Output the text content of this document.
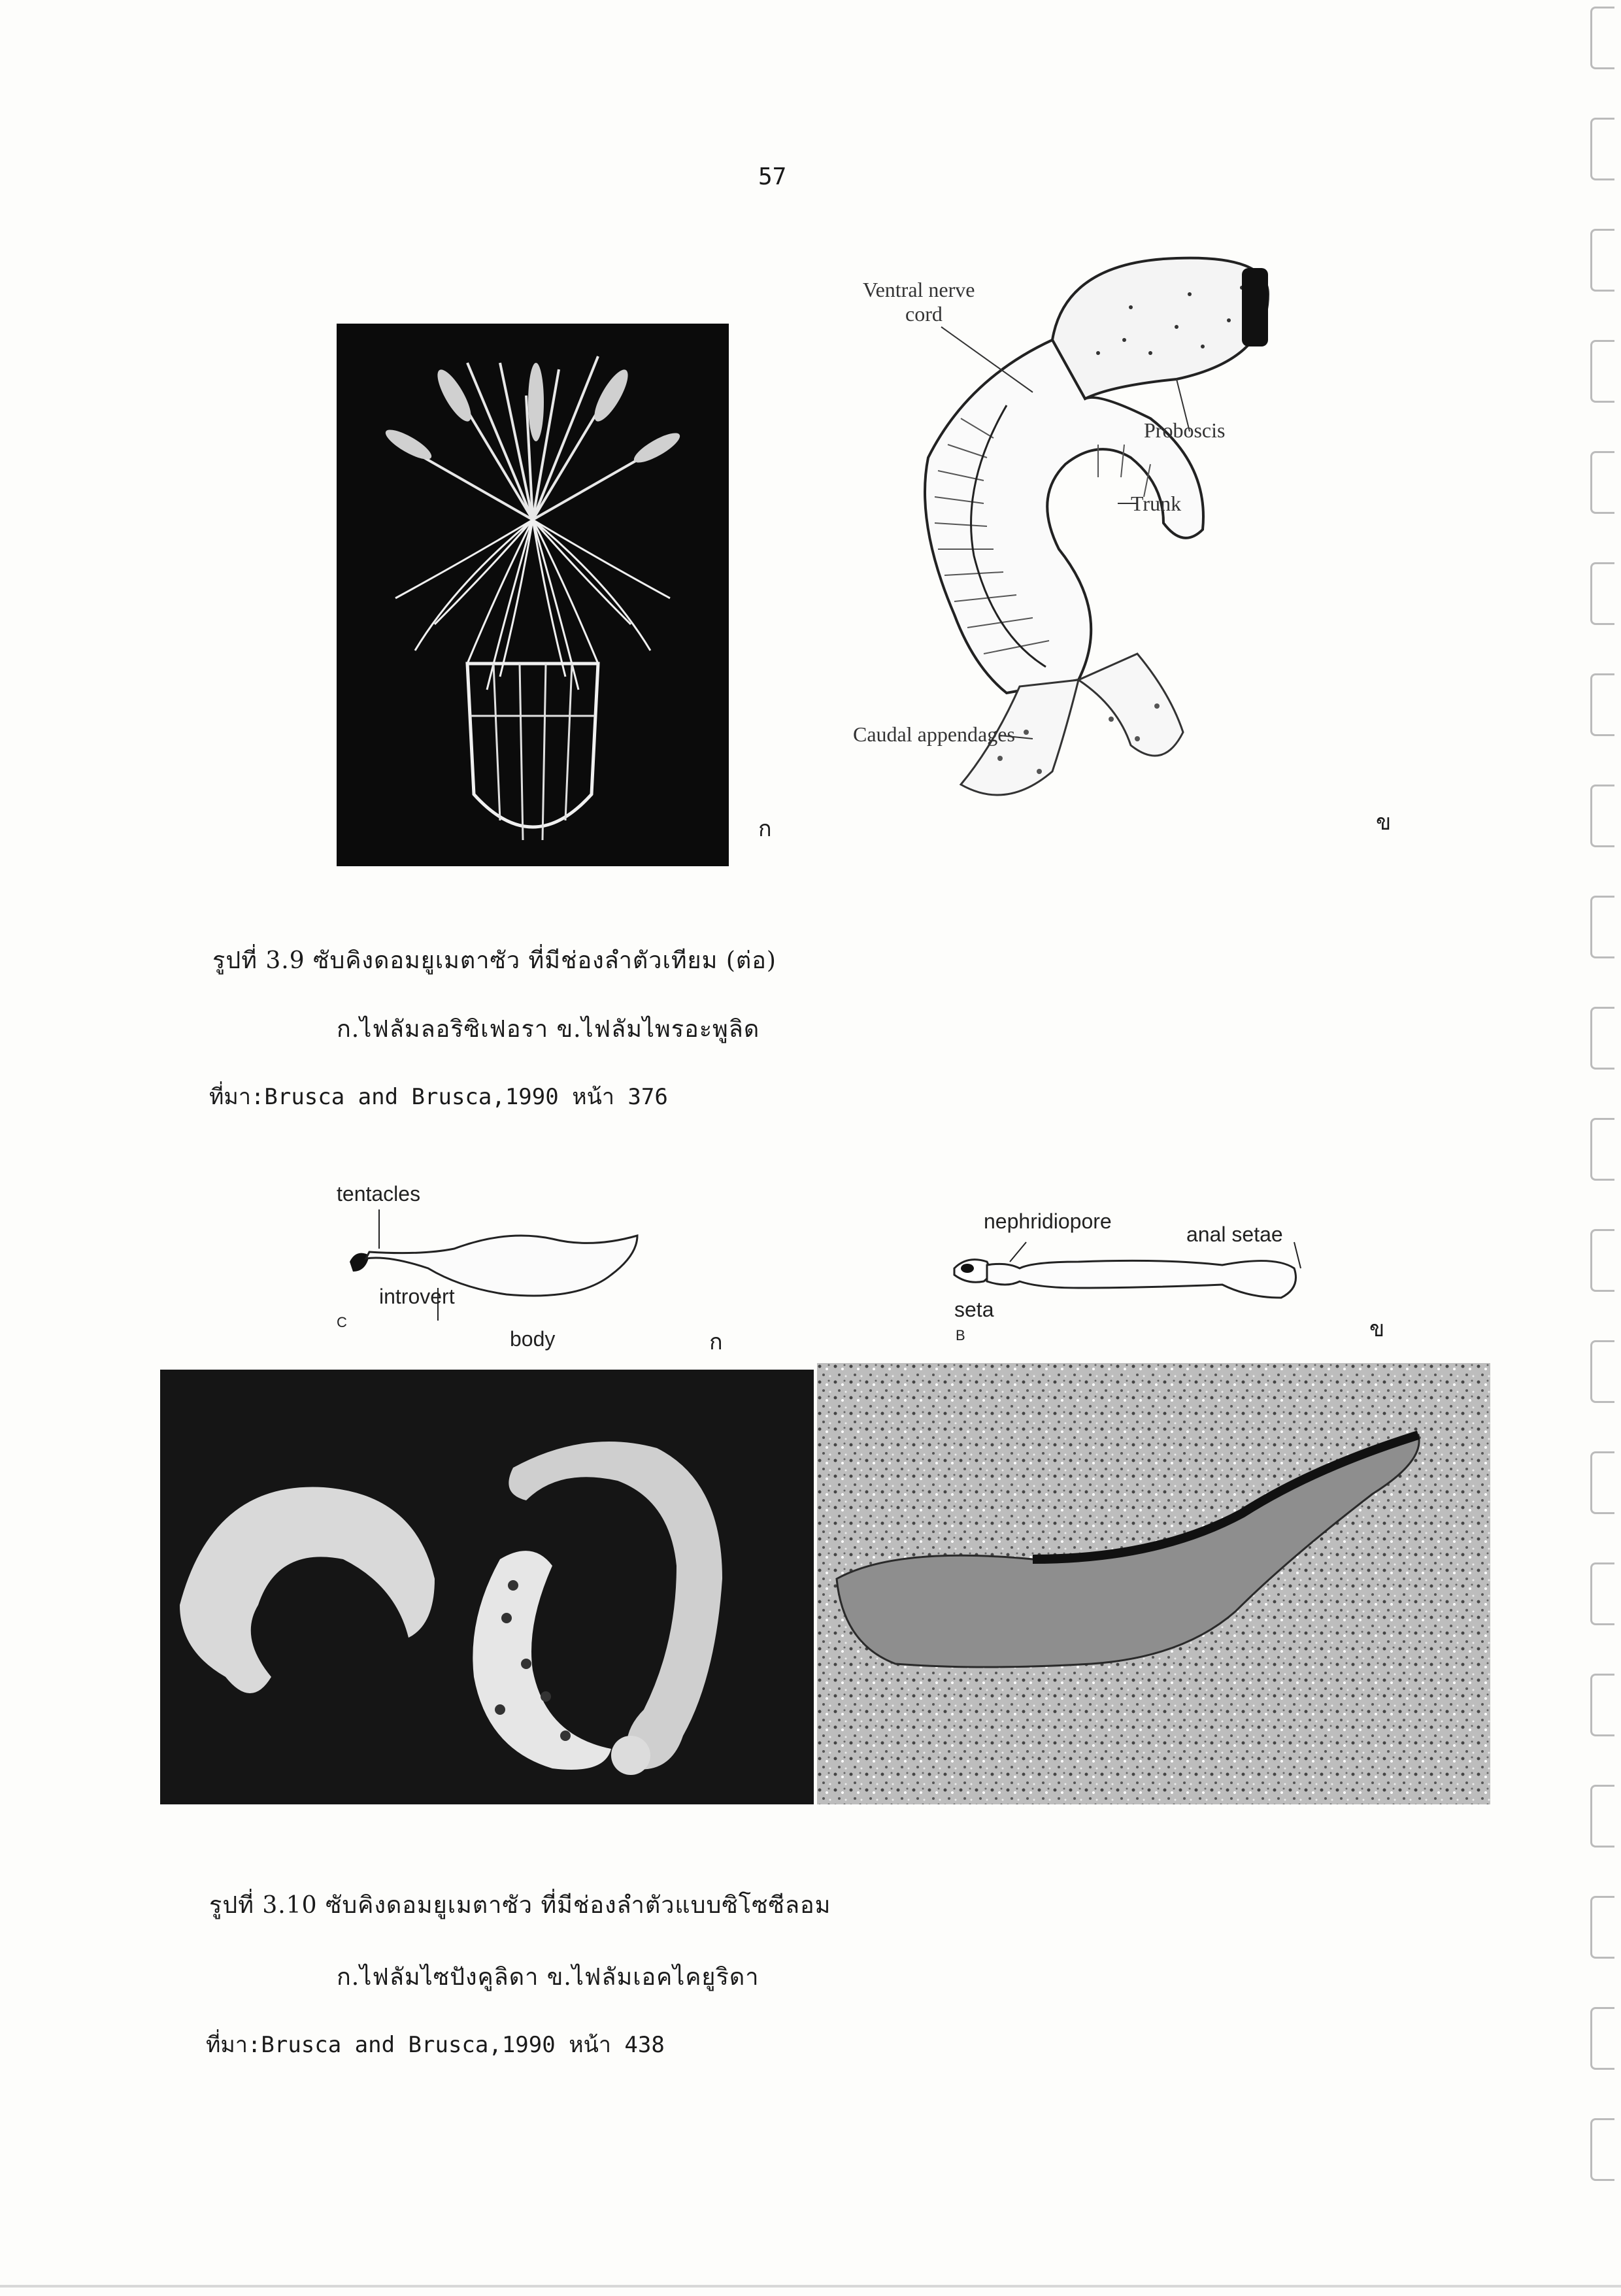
57
ก
Ventral nerve
cord
Proboscis
Trunk
Caudal appendages
ข
รูปที่ 3.9 ซับคิงดอมยูเมตาซัว ที่มีช่องลำตัวเทียม (ต่อ)
ก.ไฟลัมลอริซิเฟอรา ข.ไฟลัมไพรอะพูลิด
ที่มา:Brusca and Brusca,1990 หน้า 376
tentacles
introvert
body
C
ก
nephridiopore
anal setae
seta
B	ข
รูปที่ 3.10 ซับคิงดอมยูเมตาซัว ที่มีช่องลำตัวแบบซิโซซีลอม
ก.ไฟลัมไซปังคูลิดา ข.ไฟลัมเอคไคยูริดา
ที่มา:Brusca and Brusca,1990 หน้า 438
